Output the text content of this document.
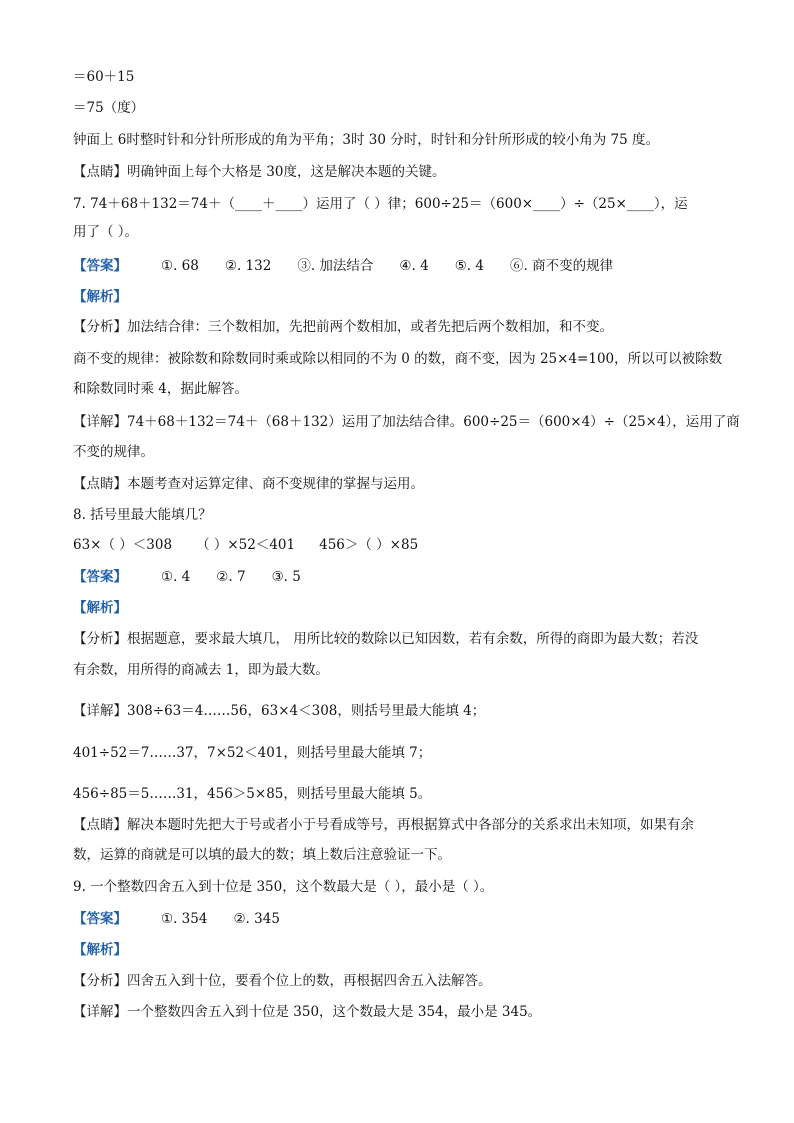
＝60＋15
＝75（度）
钟面上 6时整时针和分针所形成的角为平角；3时 30 分时，时针和分针所形成的较小角为 75 度。
【点睛】明确钟面上每个大格是 30度，这是解决本题的关键。
7. 74＋68＋132＝74＋（____＋____）运用了（ ）律；600÷25＝（600×____）÷（25×____），运
用了（ ）。
【答案】	①. 68 ②. 132 ③. 加法结合 ④. 4 ⑤. 4 ⑥. 商不变的规律
【解析】
【分析】加法结合律：三个数相加，先把前两个数相加，或者先把后两个数相加，和不变。
商不变的规律：被除数和除数同时乘或除以相同的不为 0 的数，商不变，因为 25×4=100，所以可以被除数
和除数同时乘 4，据此解答。
【详解】74＋68＋132＝74＋（68＋132）运用了加法结合律。600÷25＝（600×4）÷（25×4），运用了商
不变的规律。
【点睛】本题考查对运算定律、商不变规律的掌握与运用。
8. 括号里最大能填几？
63×（ ）＜308 （ ）×52＜401 456＞（ ）×85
【答案】	①. 4 ②. 7 ③. 5
【解析】
【分析】根据题意，要求最大填几， 用所比较的数除以已知因数，若有余数，所得的商即为最大数；若没
有余数，用所得的商减去 1，即为最大数。
【详解】308÷63＝4……56，63×4＜308，则括号里最大能填 4；
401÷52＝7……37，7×52＜401，则括号里最大能填 7；
456÷85＝5……31，456＞5×85，则括号里最大能填 5。
【点睛】解决本题时先把大于号或者小于号看成等号，再根据算式中各部分的关系求出未知项，如果有余
数，运算的商就是可以填的最大的数；填上数后注意验证一下。
9. 一个整数四舍五入到十位是 350，这个数最大是（ ），最小是（ ）。
【答案】	①. 354 ②. 345
【解析】
【分析】四舍五入到十位，要看个位上的数，再根据四舍五入法解答。
【详解】一个整数四舍五入到十位是 350，这个数最大是 354，最小是 345。
